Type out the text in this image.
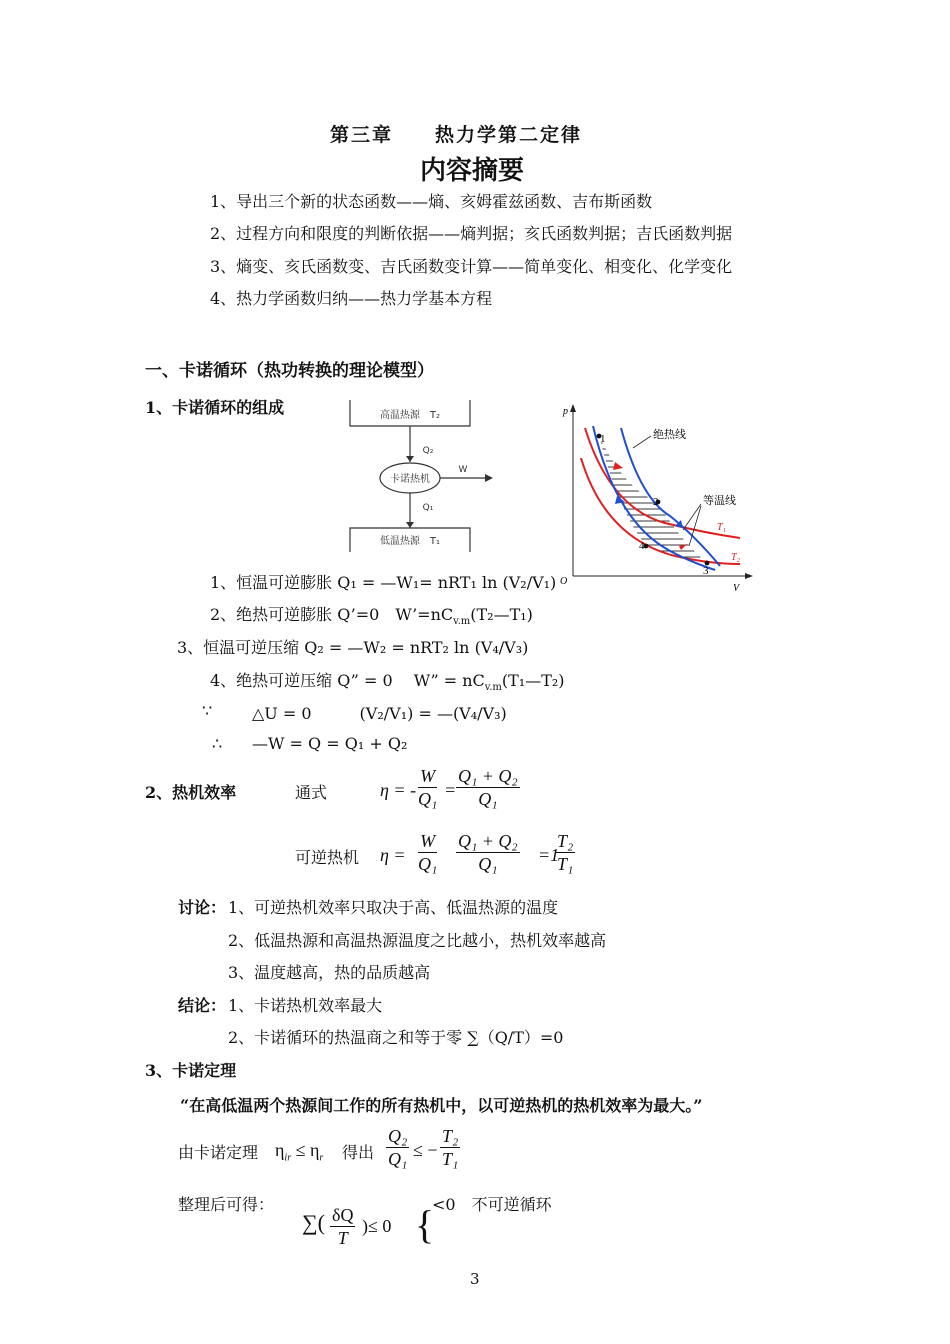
第三章　　热力学第二定律
内容摘要
1、导出三个新的状态函数——熵、亥姆霍兹函数、吉布斯函数
2、过程方向和限度的判断依据——熵判据；亥氏函数判据；吉氏函数判据
3、熵变、亥氏函数变、吉氏函数变计算——简单变化、相变化、化学变化
4、热力学函数归纳——热力学基本方程
一、卡诺循环（热功转换的理论模型）
1、卡诺循环的组成	高温热源　T₂
Q₂
卡诺热机
W
Q₁
低温热源　T₁
p
V
O
1
2
3
4
绝热线
等温线
T₁
T₂
1、恒温可逆膨胀 Q₁ = —W₁= nRT₁ ln (V₂/V₁)
2、绝热可逆膨胀 Q’=0　$W’=nC_{v.m}(T_2—T_1)$
3、恒温可逆压缩 Q₂ = —W₂ = nRT₂ ln (V₄/V₃)
4、绝热可逆压缩 Q” = 0　 W” = $nC_{v.m}(T_1—T_2)$
∵ △U = 0　　　(V₂/V₁) = —(V₄/V₃)
∴ —W = Q = Q₁ + Q₂
2、热机效率	通式	η = - $\frac{W}{\text{Q₁}} = \frac{\text{Q₁ + Q₂}}{\text{Q₁}}$
可逆热机 $\eta = \frac{W}{\text{Q₁}} \frac{\text{Q₁ + Q₂}}{\text{Q₁}} =1$
$\frac{\text{T₂}}{\text{T₁}}$
讨论： 1、可逆热机效率只取决于高、低温热源的温度
2、低温热源和高温热源温度之比越小，热机效率越高
3、温度越高，热的品质越高
结论： 1、卡诺热机效率最大
2、卡诺循环的热温商之和等于零 ∑（Q/T）=0
3、卡诺定理
“在高低温两个热源间工作的所有热机中，以可逆热机的热机效率为最大。”
由卡诺定理 $\eta_{ir} \le \eta_r$ 得出 $\frac{\text{Q₂}}{\text{Q₁}}$ ≤ − $\frac{\text{T₂}}{\text{T₁}}$
整理后可得：
∑( $\frac{\delta Q}{T}$ )≤ 0 {
<0　不可逆循环
3
